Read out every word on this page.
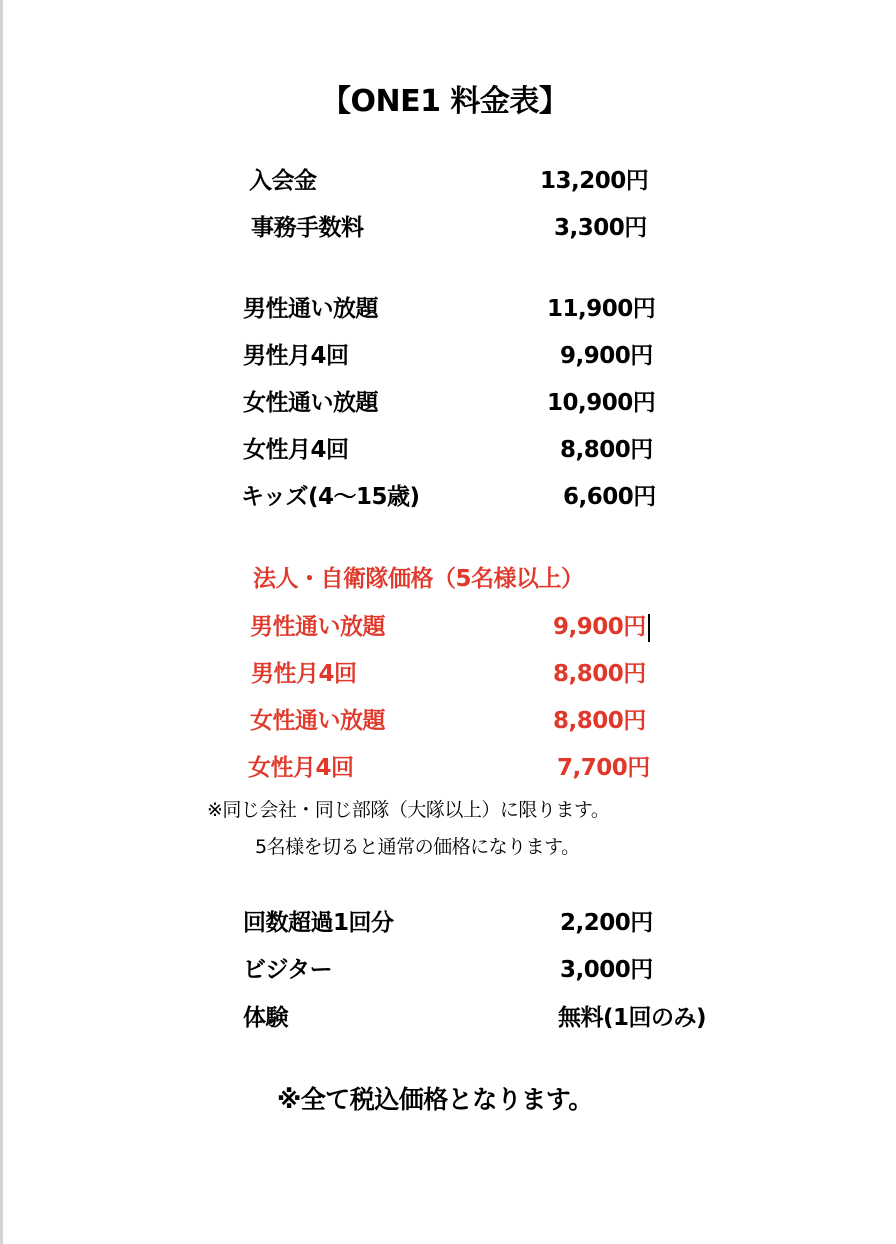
【ONE1 料金表】
入会金	13,200円
事務手数料	3,300円
男性通い放題	11,900円
男性月4回	9,900円
女性通い放題	10,900円
女性月4回	8,800円
キッズ(4〜15歳)	6,600円
法人・自衛隊価格（5名様以上）
男性通い放題	9,900円
男性月4回	8,800円
女性通い放題	8,800円
女性月4回	7,700円
※同じ会社・同じ部隊（大隊以上）に限ります。
5名様を切ると通常の価格になります。
回数超過1回分	2,200円
ビジター	3,000円
体験	無料(1回のみ)
※全て税込価格となります。
